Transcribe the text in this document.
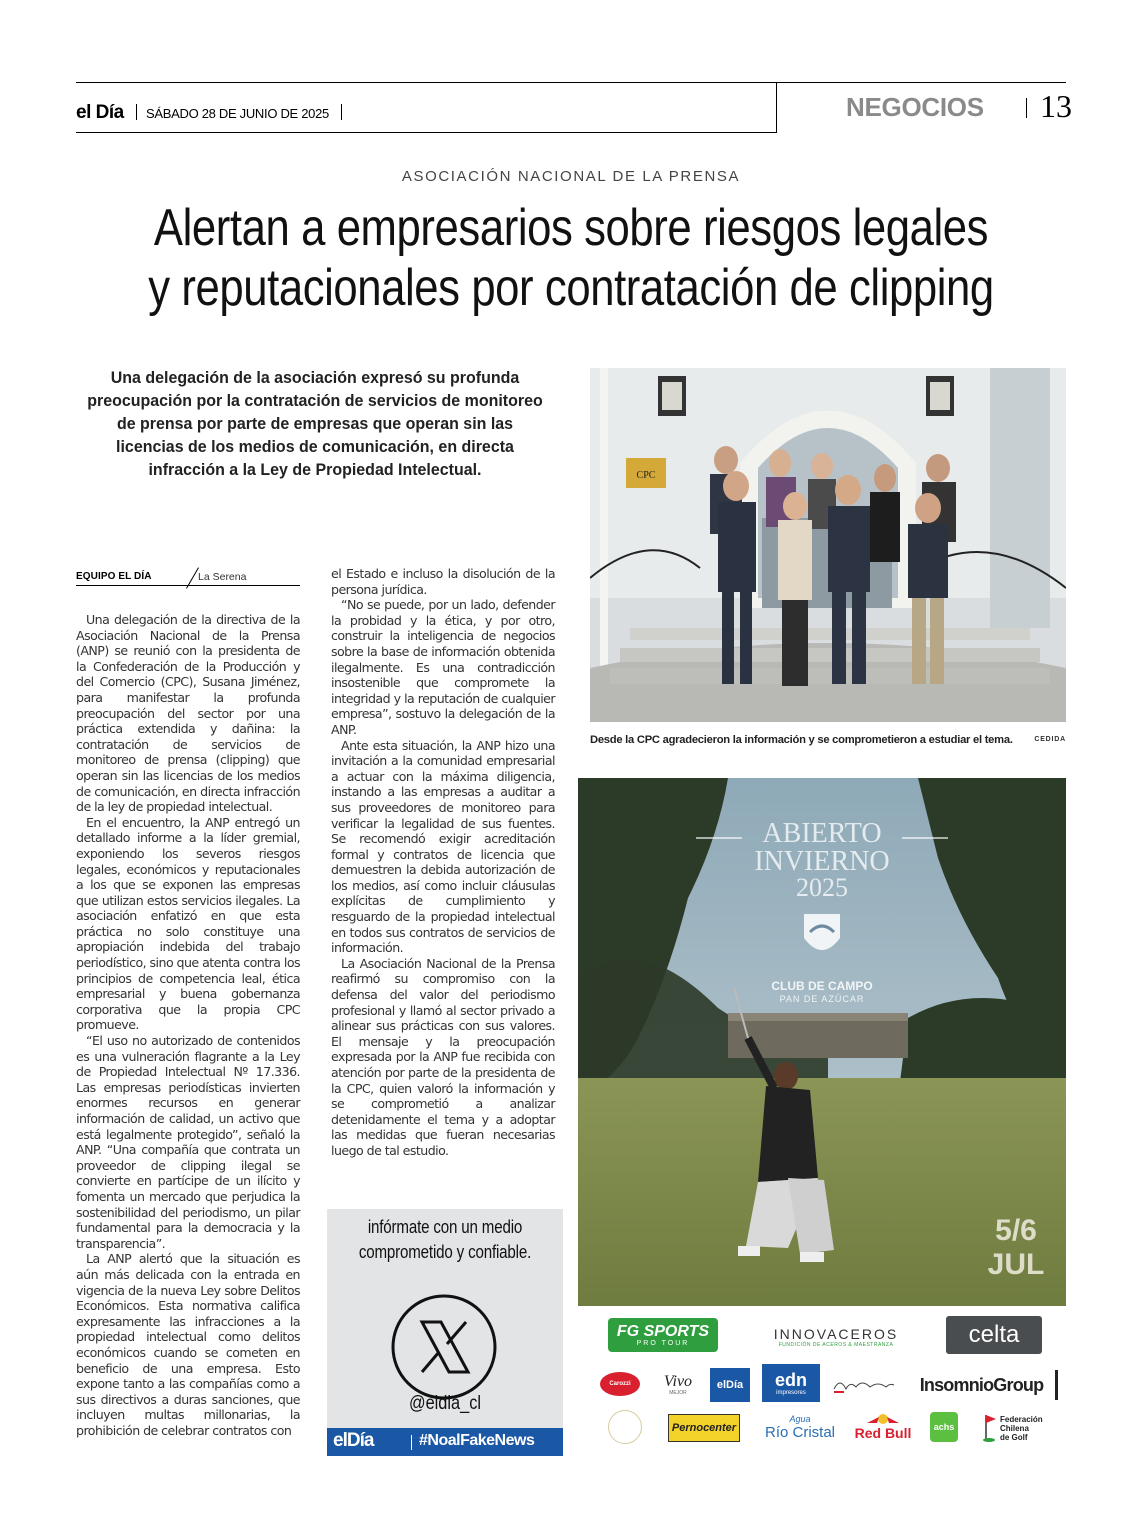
el Día SÁBADO 28 DE JUNIO DE 2025	NEGOCIOS 13
ASOCIACIÓN NACIONAL DE LA PRENSA
Alertan a empresarios sobre riesgos legales
y reputacionales por contratación de clipping
Una delegación de la asociación expresó su profunda preocupación por la contratación de servicios de monitoreo de prensa por parte de empresas que operan sin las licencias de los medios de comunicación, en directa infracción a la Ley de Propiedad Intelectual.
EQUIPO EL DÍA	La Serena

Una delegación de la directiva de la Asociación Nacional de la Prensa (ANP) se reunió con la presidenta de la Confederación de la Producción y del Comercio (CPC), Susana Jiménez, para manifestar la profunda preocupación del sector por una práctica extendida y dañina: la contratación de servicios de monitoreo de prensa (clipping) que operan sin las licencias de los medios de comunicación, en directa infracción de la ley de propiedad intelectual.

En el encuentro, la ANP entregó un detallado informe a la líder gremial, exponiendo los severos riesgos legales, económicos y reputacionales a los que se exponen las empresas que utilizan estos servicios ilegales. La asociación enfatizó en que esta práctica no solo constituye una apropiación indebida del trabajo periodístico, sino que atenta contra los principios de competencia leal, ética empresarial y buena gobernanza corporativa que la propia CPC promueve.

“El uso no autorizado de contenidos es una vulneración flagrante a la Ley de Propiedad Intelectual Nº 17.336. Las empresas periodísticas invierten enormes recursos en generar información de calidad, un activo que está legalmente protegido”, señaló la ANP. “Una compañía que contrata un proveedor de clipping ilegal se convierte en partícipe de un ilícito y fomenta un mercado que perjudica la sostenibilidad del periodismo, un pilar fundamental para la democracia y la transparencia”.

La ANP alertó que la situación es aún más delicada con la entrada en vigencia de la nueva Ley sobre Delitos Económicos. Esta normativa califica expresamente las infracciones a la propiedad intelectual como delitos económicos cuando se cometen en beneficio de una empresa. Esto expone tanto a las compañías como a sus directivos a duras sanciones, que incluyen multas millonarias, la prohibición de celebrar contratos con

el Estado e incluso la disolución de la persona jurídica.

“No se puede, por un lado, defender la probidad y la ética, y por otro, construir la inteligencia de negocios sobre la base de información obtenida ilegalmente. Es una contradicción insostenible que compromete la integridad y la reputación de cualquier empresa”, sostuvo la delegación de la ANP.

Ante esta situación, la ANP hizo una invitación a la comunidad empresarial a actuar con la máxima diligencia, instando a las empresas a auditar a sus proveedores de monitoreo para verificar la legalidad de sus fuentes. Se recomendó exigir acreditación formal y contratos de licencia que demuestren la debida autorización de los medios, así como incluir cláusulas explícitas de cumplimiento y resguardo de la propiedad intelectual en todos sus contratos de servicios de información.

La Asociación Nacional de la Prensa reafirmó su compromiso con la defensa del valor del periodismo profesional y llamó al sector privado a alinear sus prácticas con sus valores. El mensaje y la preocupación expresada por la ANP fue recibida con atención por parte de la presidenta de la CPC, quien valoró la información y se comprometió a analizar detenidamente el tema y a adoptar las medidas que fueran necesarias luego de tal estudio.

CPC
Desde la CPC agradecieron la información y se comprometieron a estudiar el tema.	CEDIDA
ABIERTO
INVIERNO
2025
CLUB DE CAMPO
PAN DE AZÚCAR
5/6
JUL
FG SPORTS
PRO TOUR
INNOVACEROS
FUNDICIÓN DE ACEROS & MAESTRANZA	celta
Carozzi Vivo
MEJOR
elDía edn
impresores	InsomnioGroup
Pernocenter
Agua
Río Cristal Red Bull achs
Federación
Chilena
de Golf
infórmate con un medio
comprometido y confiable.
@eldia_cl
elDía	#NoalFakeNews
